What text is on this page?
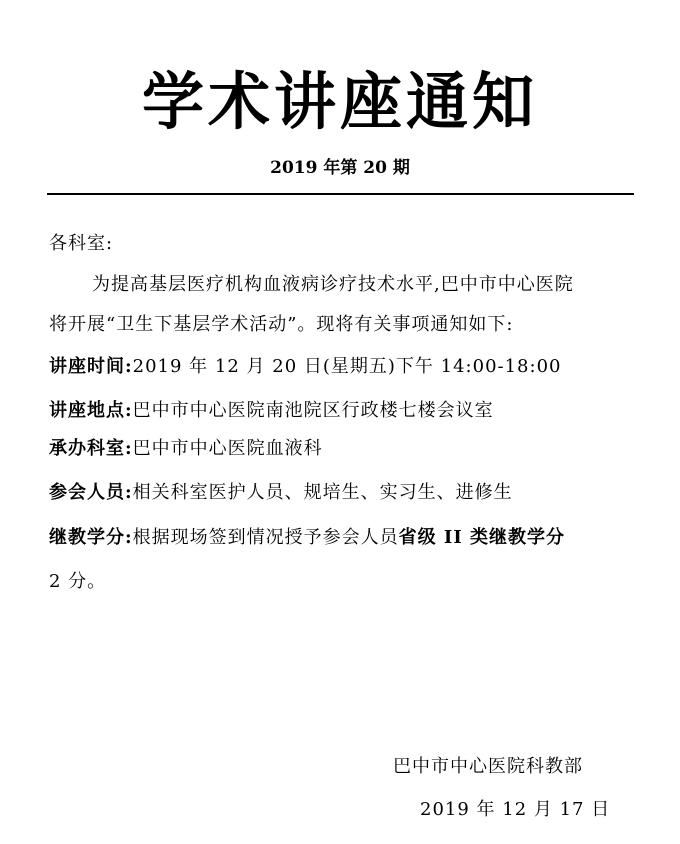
学术讲座通知
2019 年第 20 期
各科室:
为提高基层医疗机构血液病诊疗技术水平,巴中市中心医院
将开展“卫生下基层学术活动”。现将有关事项通知如下:
讲座时间:2019 年 12 月 20 日(星期五)下午 14:00-18:00
讲座地点:巴中市中心医院南池院区行政楼七楼会议室
承办科室:巴中市中心医院血液科
参会人员:相关科室医护人员、规培生、实习生、进修生
继教学分:根据现场签到情况授予参会人员省级 II 类继教学分
2 分。
巴中市中心医院科教部
2019 年 12 月 17 日
